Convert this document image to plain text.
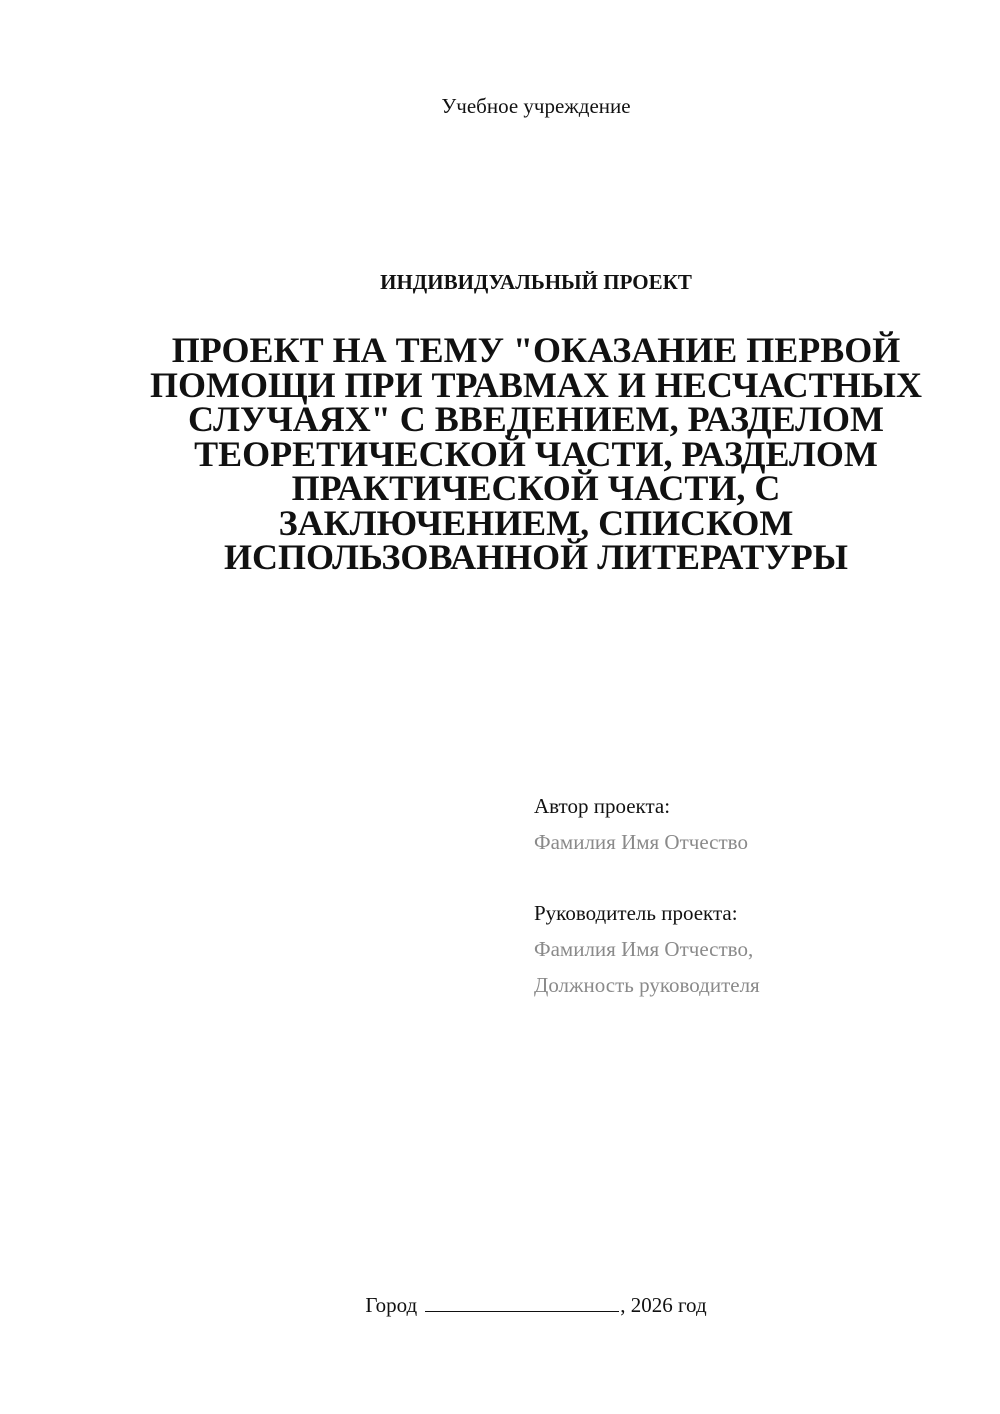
Учебное учреждение
ИНДИВИДУАЛЬНЫЙ ПРОЕКТ
ПРОЕКТ НА ТЕМУ "ОКАЗАНИЕ ПЕРВОЙ ПОМОЩИ ПРИ ТРАВМАХ И НЕСЧАСТНЫХ СЛУЧАЯХ" С ВВЕДЕНИЕМ, РАЗДЕЛОМ ТЕОРЕТИЧЕСКОЙ ЧАСТИ, РАЗДЕЛОМ ПРАКТИЧЕСКОЙ ЧАСТИ, С ЗАКЛЮЧЕНИЕМ, СПИСКОМ ИСПОЛЬЗОВАННОЙ ЛИТЕРАТУРЫ
Автор проекта:
Фамилия Имя Отчество
Руководитель проекта:
Фамилия Имя Отчество,
Должность руководителя
Город	, 2026 год
